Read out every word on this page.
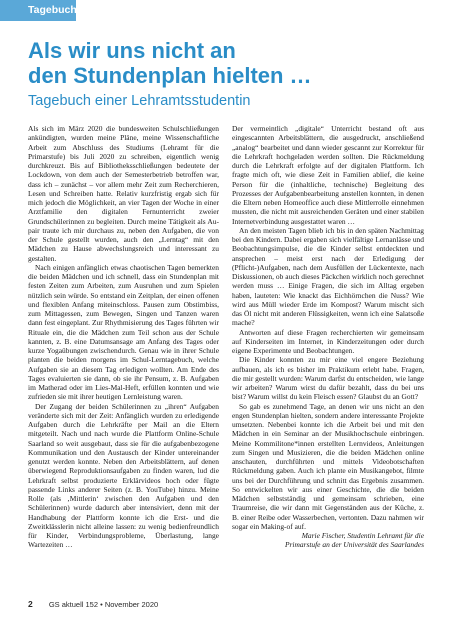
Tagebuch
Als wir uns nicht an
den Stundenplan hielten …
Tagebuch einer Lehramtsstudentin

Als sich im März 2020 die bundesweiten Schulschließungen ankündigten, wurden meine Pläne, meine Wissenschaftliche Arbeit zum Abschluss des Studiums (Lehramt für die Primarstufe) bis Juli 2020 zu schreiben, eigentlich wenig durchkreuzt. Bis auf Bibliotheksschließungen bedeutete der Lockdown, von dem auch der Semesterbetrieb betroffen war, dass ich – zunächst – vor allem mehr Zeit zum Recherchieren, Lesen und Schreiben hatte. Relativ kurzfristig ergab sich für mich jedoch die Möglichkeit, an vier Tagen der Woche in einer Arztfamilie den digitalen Fernunterricht zweier Grundschülerinnen zu begleiten. Durch meine Tätigkeit als Au-pair traute ich mir durchaus zu, neben den Aufgaben, die von der Schule gestellt wurden, auch den „Lerntag“ mit den Mädchen zu Hause abwechslungsreich und interessant zu gestalten.

Nach einigen anfänglich etwas chaotischen Tagen bemerkten die beiden Mädchen und ich schnell, dass ein Stundenplan mit festen Zeiten zum Arbeiten, zum Ausruhen und zum Spielen nützlich sein würde. So entstand ein Zeitplan, der einen offenen und flexiblen Anfang miteinschloss. Pausen zum Obstimbiss, zum Mittagessen, zum Bewegen, Singen und Tanzen waren dann fest eingeplant. Zur Rhythmisierung des Tages führten wir Rituale ein, die die Mädchen zum Teil schon aus der Schule kannten, z. B. eine Datumsansage am Anfang des Tages oder kurze Yogaübungen zwischendurch. Genau wie in ihrer Schule planten die beiden morgens im Schul-Lerntagebuch, welche Aufgaben sie an diesem Tag erledigen wollten. Am Ende des Tages evaluierten sie dann, ob sie ihr Pensum, z. B. Aufgaben im Matherad oder im Lies-Mal-Heft, erfüllen konnten und wie zufrieden sie mit ihrer heutigen Lernleistung waren.

Der Zugang der beiden Schülerinnen zu „ihren“ Aufgaben veränderte sich mit der Zeit: Anfänglich wurden zu erledigende Aufgaben durch die Lehrkräfte per Mail an die Eltern mitgeteilt. Nach und nach wurde die Plattform Online-Schule Saarland so weit ausgebaut, dass sie für die aufgabenbezogene Kommunikation und den Austausch der Kinder untereinander genutzt werden konnte. Neben den Arbeitsblättern, auf denen überwiegend Reproduktionsaufgaben zu finden waren, lud die Lehrkraft selbst produzierte Erklärvideos hoch oder fügte passende Links anderer Seiten (z. B. YouTube) hinzu. Meine Rolle (als ‚Mittlerin‘ zwischen den Aufgaben und den Schülerinnen) wurde dadurch aber intensiviert, denn mit der Handhabung der Plattform konnte ich die Erst- und die Zweitklässlerin nicht alleine lassen: zu wenig bedienfreundlich für Kinder, Verbindungsprobleme, Überlastung, lange Wartezeiten …

Der vermeintlich „digitale“ Unterricht bestand oft aus eingescannten Arbeitsblättern, die ausgedruckt, anschließend „analog“ bearbeitet und dann wieder gescannt zur Korrektur für die Lehrkraft hochgeladen werden sollten. Die Rückmeldung durch die Lehrkraft erfolgte auf der digitalen Plattform. Ich fragte mich oft, wie diese Zeit in Familien ablief, die keine Person für die (inhaltliche, technische) Begleitung des Prozesses der Aufgabenbearbeitung anstellen konnten, in denen die Eltern neben Homeoffice auch diese Mittlerrolle einnehmen mussten, die nicht mit ausreichenden Geräten und einer stabilen Internetverbindung ausgestattet waren …

An den meisten Tagen blieb ich bis in den späten Nachmittag bei den Kindern. Dabei ergaben sich vielfältige Lernanlässe und Beobachtungsimpulse, die die Kinder selbst entdeckten und ansprechen – meist erst nach der Erledigung der (Pflicht-)Aufgaben, nach dem Ausfüllen der Lückentexte, nach Diskussionen, ob auch dieses Päckchen wirklich noch gerechnet werden muss … Einige Fragen, die sich im Alltag ergeben haben, lauteten: Wie knackt das Eichhörnchen die Nuss? Wie wird aus Müll wieder Erde im Kompost? Warum mischt sich das Öl nicht mit anderen Flüssigkeiten, wenn ich eine Salatsoße mache?

Antworten auf diese Fragen recherchierten wir gemeinsam auf Kinderseiten im Internet, in Kinderzeitungen oder durch eigene Experimente und Beobachtungen.

Die Kinder konnten zu mir eine viel engere Beziehung aufbauen, als ich es bisher im Praktikum erlebt habe. Fragen, die mir gestellt wurden: Warum darfst du entscheiden, wie lange wir arbeiten? Warum wirst du dafür bezahlt, dass du bei uns bist? Warum willst du kein Fleisch essen? Glaubst du an Gott?

So gab es zunehmend Tage, an denen wir uns nicht an den engen Stundenplan hielten, sondern andere interessante Projekte umsetzten. Nebenbei konnte ich die Arbeit bei und mit den Mädchen in ein Seminar an der Musikhochschule einbringen. Meine Kommilitone*innen erstellten Lernvideos, Anleitungen zum Singen und Musizieren, die die beiden Mädchen online anschauten, durchführten und mittels Videobotschaften Rückmeldung gaben. Auch ich plante ein Musikangebot, filmte uns bei der Durchführung und schnitt das Ergebnis zusammen. So entwickelten wir aus einer Geschichte, die die beiden Mädchen selbstständig und gemeinsam schrieben, eine Traumreise, die wir dann mit Gegenständen aus der Küche, z. B. einer Reibe oder Wasserbechen, vertonten. Dazu nahmen wir sogar ein Making-of auf.

Marie Fischer, Studentin Lehramt für die
Primarstufe an der Universität des Saarlandes

2 GS aktuell 152 • November 2020
